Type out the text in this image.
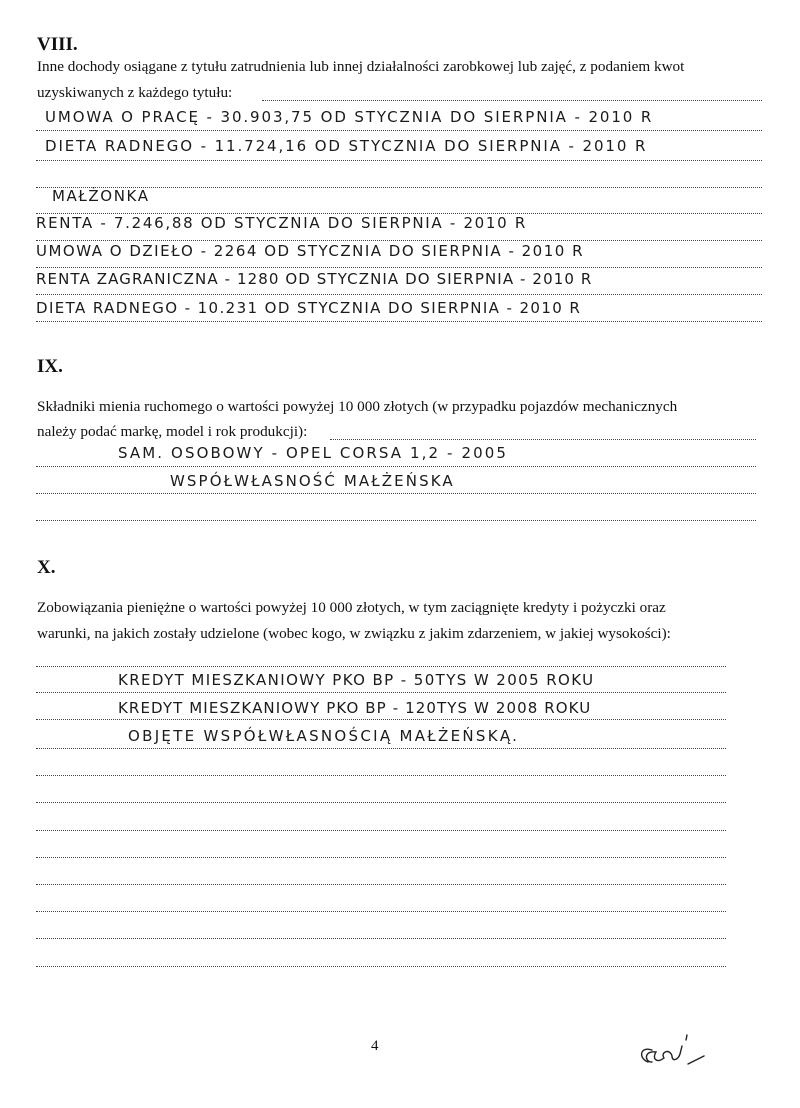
VIII.
Inne dochody osiągane z tytułu zatrudnienia lub innej działalności zarobkowej lub zajęć, z podaniem kwot
uzyskiwanych z każdego tytułu:
UMOWA O PRACĘ - 30.903,75 OD STYCZNIA DO SIERPNIA - 2010 R
DIETA RADNEGO - 11.724,16 OD STYCZNIA DO SIERPNIA - 2010 R
MAŁŻONKA
RENTA - 7.246,88 OD STYCZNIA DO SIERPNIA - 2010 R
UMOWA O DZIEŁO - 2264 OD STYCZNIA DO SIERPNIA - 2010 R
RENTA ZAGRANICZNA - 1280 OD STYCZNIA DO SIERPNIA - 2010 R
DIETA RADNEGO - 10.231 OD STYCZNIA DO SIERPNIA - 2010 R
IX.
Składniki mienia ruchomego o wartości powyżej 10 000 złotych (w przypadku pojazdów mechanicznych
należy podać markę, model i rok produkcji):
SAM. OSOBOWY - OPEL CORSA 1,2 - 2005
WSPÓŁWŁASNOŚĆ MAŁŻEŃSKA
X.
Zobowiązania pieniężne o wartości powyżej 10 000 złotych, w tym zaciągnięte kredyty i pożyczki oraz
warunki, na jakich zostały udzielone (wobec kogo, w związku z jakim zdarzeniem, w jakiej wysokości):
KREDYT MIESZKANIOWY PKO BP - 50TYS W 2005 ROKU
KREDYT MIESZKANIOWY PKO BP - 120TYS W 2008 ROKU
OBJĘTE WSPÓŁWŁASNOŚCIĄ MAŁŻEŃSKĄ.
4
